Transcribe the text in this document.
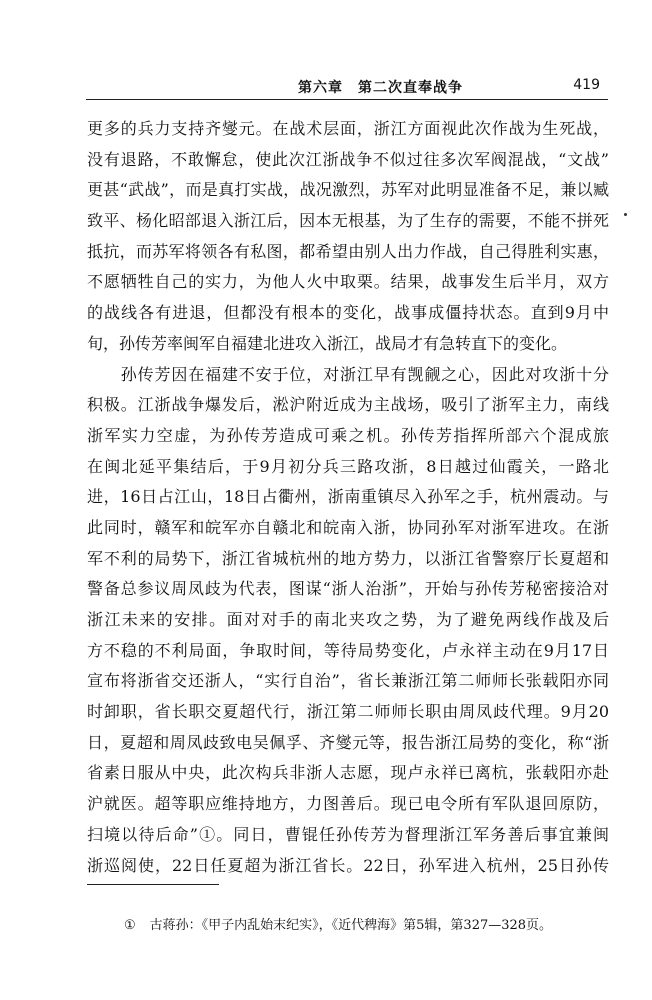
第六章　第二次直奉战争	419
更多的兵力支持齐燮元。在战术层面，浙江方面视此次作战为生死战，
没有退路，不敢懈怠，使此次江浙战争不似过往多次军阀混战，“文战”
更甚“武战”，而是真打实战，战况激烈，苏军对此明显准备不足，兼以臧
致平、杨化昭部退入浙江后，因本无根基，为了生存的需要，不能不拼死
抵抗，而苏军将领各有私图，都希望由别人出力作战，自己得胜利实惠，
不愿牺牲自己的实力，为他人火中取栗。结果，战事发生后半月，双方
的战线各有进退，但都没有根本的变化，战事成僵持状态。直到9月中
旬，孙传芳率闽军自福建北进攻入浙江，战局才有急转直下的变化。
　　孙传芳因在福建不安于位，对浙江早有觊觎之心，因此对攻浙十分
积极。江浙战争爆发后，淞沪附近成为主战场，吸引了浙军主力，南线
浙军实力空虚，为孙传芳造成可乘之机。孙传芳指挥所部六个混成旅
在闽北延平集结后，于9月初分兵三路攻浙，8日越过仙霞关，一路北
进，16日占江山，18日占衢州，浙南重镇尽入孙军之手，杭州震动。与
此同时，赣军和皖军亦自赣北和皖南入浙，协同孙军对浙军进攻。在浙
军不利的局势下，浙江省城杭州的地方势力，以浙江省警察厅长夏超和
警备总参议周凤歧为代表，图谋“浙人治浙”，开始与孙传芳秘密接洽对
浙江未来的安排。面对对手的南北夹攻之势，为了避免两线作战及后
方不稳的不利局面，争取时间，等待局势变化，卢永祥主动在9月17日
宣布将浙省交还浙人，“实行自治”，省长兼浙江第二师师长张载阳亦同
时卸职，省长职交夏超代行，浙江第二师师长职由周凤歧代理。9月20
日，夏超和周凤歧致电吴佩孚、齐燮元等，报告浙江局势的变化，称“浙
省素日服从中央，此次构兵非浙人志愿，现卢永祥已离杭，张载阳亦赴
沪就医。超等职应维持地方，力图善后。现已电令所有军队退回原防，
扫境以待后命”①。同日，曹锟任孙传芳为督理浙江军务善后事宜兼闽
浙巡阅使，22日任夏超为浙江省长。22日，孙军进入杭州，25日孙传
① 古蒋孙：《甲子内乱始末纪实》，《近代稗海》第5辑，第327—328页。
